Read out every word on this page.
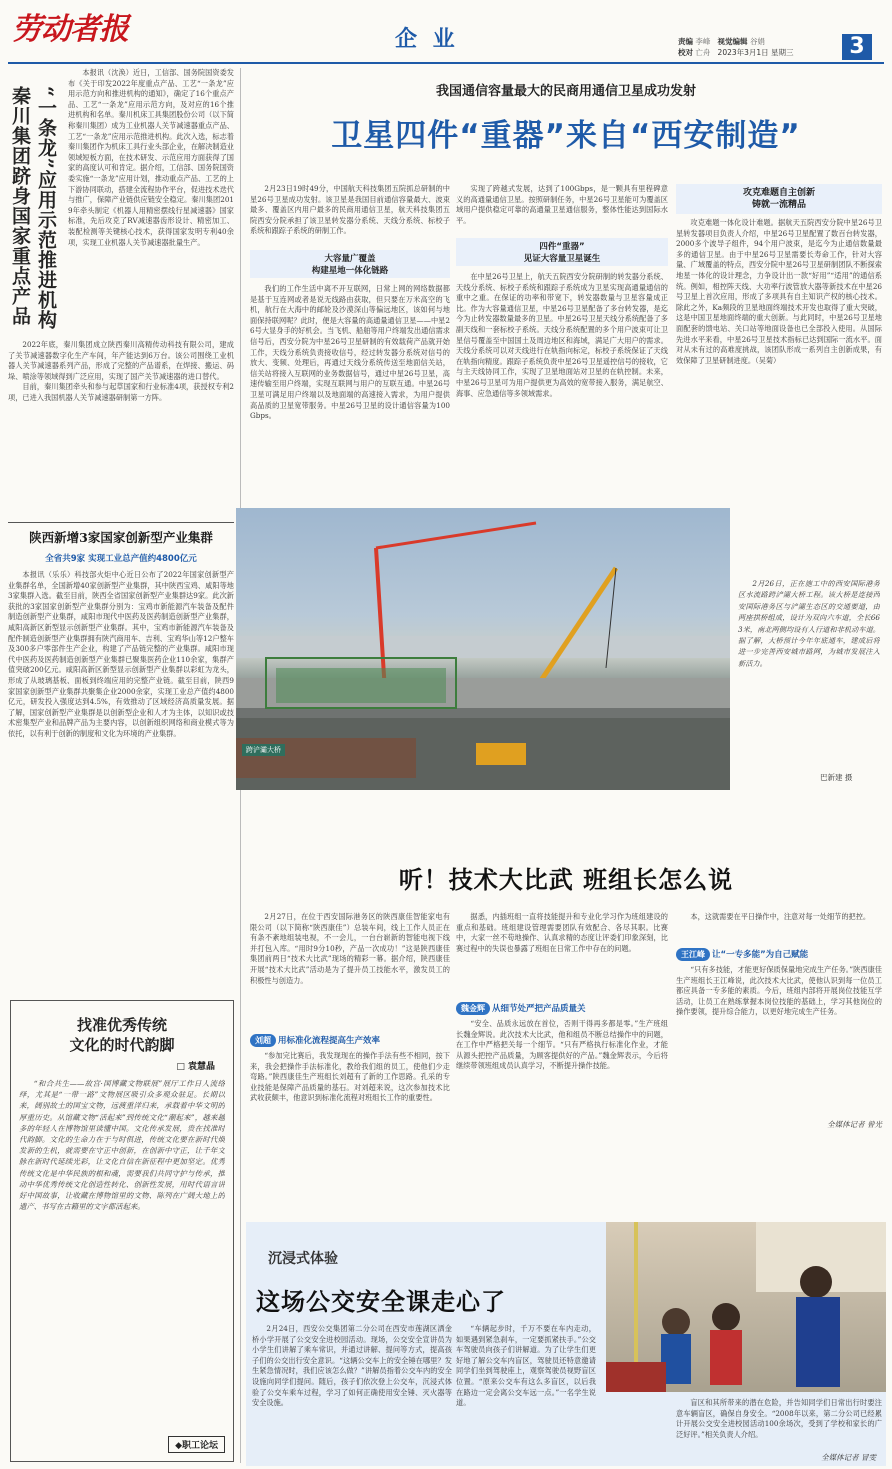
劳动者报	企 业	责编 李峰 视觉编辑 谷娟
校对 亡舟 2023年3月1日 星期三	3
“一条龙”应用示范推进机构
秦川集团跻身国家重点产品

本报讯（沈涣）近日，工信部、国务院国资委发布《关于印发2022年度重点产品、工艺“一条龙”应用示范方向和推进机构的通知》，确定了16个重点产品、工艺“一条龙”应用示范方向，及对应的16个推进机构和名单。秦川机床工具集团股份公司（以下简称秦川集团）成为工业机器人关节减速器重点产品、工艺“一条龙”应用示范推进机构。此次入选，标志着秦川集团作为机床工具行业头部企业，在解决制造业领域短板方面，在技术研发、示范应用方面获得了国家的高度认可和肯定。据介绍，工信部、国务院国资委实施“一条龙”应用计划，推动重点产品、工艺的上下游协同联动，搭建全流程协作平台，促进技术迭代与推广，保障产业链供应链安全稳定。秦川集团2019年牵头制定《机器人用精密摆线行星减速器》国家标准，先后攻克了RV减速器齿形设计、精密加工、装配检测等关键核心技术，获得国家发明专利40余项，实现工业机器人关节减速器批量生产。

2022年底，秦川集团成立陕西秦川高精传动科技有限公司，建成了关节减速器数字化生产车间，年产能达到6万台。该公司围绕工业机器人关节减速器系列产品，形成了完整的产品谱系，在焊接、搬运、码垛、喷涂等领域得到广泛应用，实现了国产关节减速器的进口替代。

目前，秦川集团牵头和参与起草国家和行业标准4项，获授权专利2项，已进入我国机器人关节减速器研制第一方阵。

陕西新增3家国家创新型产业集群
全省共9家 实现工业总产值约4800亿元

本报讯（乐乐）科技部火炬中心近日公布了2022年国家创新型产业集群名单，全国新增40家创新型产业集群，其中陕西宝鸡、咸阳等地3家集群入选。截至目前，陕西全省国家创新型产业集群达9家。此次新获批的3家国家创新型产业集群分别为：宝鸡市新能源汽车装备及配件制造创新型产业集群，咸阳市现代中医药及医药制造创新型产业集群，咸阳高新区新型显示创新型产业集群。其中，宝鸡市新能源汽车装备及配件制造创新型产业集群拥有陕汽商用车、吉利、宝鸡华山等12户整车及300多户零部件生产企业，构建了产品链完整的产业集群。咸阳市现代中医药及医药制造创新型产业集群已聚集医药企业110余家，集群产值突破200亿元。咸阳高新区新型显示创新型产业集群以彩虹为龙头，形成了从玻璃基板、面板到终端应用的完整产业链。截至目前，陕西9家国家创新型产业集群共聚集企业2000余家，实现工业总产值约4800亿元，研发投入强度达到4.5%，有效推动了区域经济高质量发展。据了解，国家创新型产业集群是以创新型企业和人才为主体，以知识或技术密集型产业和品牌产品为主要内容，以创新组织网络和商业模式等为依托，以有利于创新的制度和文化为环境的产业集群。

找准优秀传统
文化的时代韵脚
□ 袁慧晶

“和合共生——故宫·国博藏文物联展”展厅工作日人流络绎，尤其是“一带一路”文物展区吸引众多观众驻足。长期以来，阔别故土的国宝文物，远渡重洋归来，承载着中华文明的厚重历史。从馆藏文物“活起来”到传统文化“潮起来”，越来越多的年轻人在博物馆里读懂中国。文化传承发展，贵在找准时代韵脚。文化的生命力在于与时俱进，传统文化要在新时代焕发新的生机，就需要在守正中创新，在创新中守正，让千年文脉在新时代延续光彩，让文化自信在新征程中更加坚定。优秀传统文化是中华民族的根和魂，需要我们共同守护与传承，推动中华优秀传统文化创造性转化、创新性发展，用时代语言讲好中国故事，让收藏在博物馆里的文物、陈列在广阔大地上的遗产、书写在古籍里的文字都活起来。

◆职工论坛
我国通信容量最大的民商用通信卫星成功发射
卫星四件“重器”来自“西安制造”

2月23日19时49分，中国航天科技集团五院抓总研制的中星26号卫星成功发射。该卫星是我国目前通信容量最大、波束最多、覆盖区内用户最多的民商用通信卫星，航天科技集团五院西安分院承担了该卫星转发器分系统、天线分系统、标校子系统和跟踪子系统的研制工作。

大容量广覆盖
构建星地一体化链路

我们的工作生活中离不开互联网，日常上网的网络数据都是基于互连网或者是说无线路由获取，但只要在万米高空的飞机，航行在大海中的邮轮及沙漠深山等偏远地区，该如何与地面保持联网呢？此时，便是大容量的高通量通信卫星——中星26号大显身手的好机会。当飞机、船舶等用户终端发出通信需求信号后，西安分院为中星26号卫星研制的有效载荷产品就开始工作，天线分系统负责接收信号，经过转发器分系统对信号的放大、变频、处理后，再通过天线分系统传送至地面信关站，信关站将接入互联网的业务数据信号，通过中星26号卫星，高速传输至用户终端，实现互联网与用户的互联互通。中星26号卫星可满足用户终端以及地面端的高速接入需求，为用户提供高品质的卫星宽带服务。中星26号卫星的设计通信容量为100Gbps。

实现了跨越式发展，达到了100Gbps，是一颗具有里程碑意义的高通量通信卫星。按照研制任务，中星26号卫星能可为覆盖区域用户提供稳定可靠的高通量卫星通信服务，整体性能达到国际水平。

四件“重器”
见证大容量卫星诞生

在中星26号卫星上，航天五院西安分院研制的转发器分系统、天线分系统、标校子系统和跟踪子系统成为卫星实现高通量通信的重中之重。在保证的功率和带宽下，转发器数量与卫星容量成正比。作为大容量通信卫星，中星26号卫星配备了多台转发器，是迄今为止转发器数量最多的卫星。中星26号卫星天线分系统配备了多副天线和一套标校子系统。天线分系统配置的多个用户波束可让卫星信号覆盖至中国国土及周边地区和海域，满足广大用户的需求。天线分系统可以对天线进行在轨指向标定，标校子系统保证了天线在轨指向精度。跟踪子系统负责中星26号卫星遥控信号的接收，它与主天线协同工作，实现了卫星地面站对卫星的在轨控制。未来，中星26号卫星可为用户提供更为高效的宽带接入服务，满足航空、海事、应急通信等多领域需求。

攻克难题自主创新
铸就一流精品

攻克难题一体化设计难题。据航天五院西安分院中星26号卫星转发器项目负责人介绍，中星26号卫星配置了数百台转发器，2000多个波导子组件，94个用户波束，是迄今为止通信数量最多的通信卫星。由于中星26号卫星需要长寿命工作，针对大容量、广域覆盖的特点，西安分院中星26号卫星研制团队不断探索地星一体化的设计理念，力争设计出一款“好用”“适用”的通信系统。例如，相控阵天线、大功率行波管放大器等新技术在中星26号卫星上首次应用，形成了多项具有自主知识产权的核心技术。除此之外，Ka频段的卫星地面终端技术开发也取得了重大突破，这是中国卫星地面终端的重大创新。与此同时，中星26号卫星地面配套的馈电站、关口站等地面设备也已全部投入使用。从国际先进水平来看，中星26号卫星技术指标已达到国际一流水平。面对从未有过的高难度挑战，该团队形成一系列自主创新成果，有效保障了卫星研制进度。（吴菊）

跨浐灞大桥

2月26日，正在施工中的西安国际港务区水流路跨浐灞大桥工程。该大桥是连接西安国际港务区与浐灞生态区的交通要道，由两座拱桥组成，设计为双向六车道，全长663米，南北两侧均设有人行道和非机动车道。据了解，大桥预计今年年底通车，建成后将进一步完善西安城市路网，为城市发展注入新活力。

巴新建 摄
听！技术大比武 班组长怎么说

2月27日，在位于西安国际港务区的陕西康佳智能家电有限公司（以下简称“陕西康佳”）总装车间，线上工作人员正在有条不紊地组装电视，不一会儿，一台台崭新的智能电视下线并打包入库。“用时9分10秒，产品一次成功！”这是陕西康佳集团前两日“技术大比武”现场的精彩一幕。据介绍，陕西康佳开展“技术大比武”活动是为了提升员工技能水平，激发员工的积极性与创造力。

刘超 用标准化流程提高生产效率

“参加完比赛后，我发现现在的操作手法有些不相同，按下来，我会把操作手法标准化，教给我们组的员工，使他们少走弯路。”陕西康佳生产班组长刘超有了新的工作思路。孔采的专业技能是保障产品质量的基石。对刘超来说，这次参加技术比武收获颇丰，他意识到标准化流程对班组长工作的重要性。

据悉，内插班组一直将技能提升和专业化学习作为班组建设的重点和基础。班组建设管理需要团队有效配合、各尽其职。比赛中，大家一丝不苟地操作、认真求精的态度让评委们印象深刻，比赛过程中的失误也暴露了班组在日常工作中存在的问题。

魏金辉 从细节处严把产品质量关

“安全、品质永远放在首位，否则干得再多都是零。”生产班组长魏金辉说。此次技术大比武，他和组员不断总结操作中的问题，在工作中严格把关每一个细节。“只有严格执行标准化作业，才能从源头把控产品质量，为顾客提供好的产品。”魏金辉表示，今后将继续带领班组成员认真学习，不断提升操作技能。

本，这就需要在平日操作中，注意对每一处细节的把控。

王江峰 让“一专多能”为自己赋能

“只有多技能，才能更好保质保量地完成生产任务。”陕西康佳生产班组长王江峰说，此次技术大比武，使他认识到每一位员工都应具备一专多能的素质。今后，班组内部将开展岗位技能互学活动，让员工在熟练掌握本岗位技能的基础上，学习其他岗位的操作要领，提升综合能力，以更好地完成生产任务。

全媒体记者 曾光
沉浸式体验
这场公交安全课走心了

2月24日，西安公交集团第二分公司在西安市莲湖区洒金桥小学开展了公交安全进校园活动。现场，公交安全宣讲员为小学生们讲解了乘车常识，并通过讲解、提问等方式，提高孩子们的公交出行安全意识。“这辆公交车上的安全锤在哪里？发生紧急情况时，我们应该怎么做？”讲解员指着公交车内的安全设施向同学们提问。随后，孩子们依次登上公交车，沉浸式体验了公交车乘车过程，学习了如何正确使用安全锤、灭火器等安全设施。

“车辆起步时，千万不要在车内走动，如果遇到紧急刹车，一定要抓紧扶手。”公交车驾驶员向孩子们讲解道。为了让学生们更好地了解公交车内盲区，驾驶员还特意邀请同学们坐到驾驶座上，观察驾驶员视野盲区位置。“原来公交车有这么多盲区，以后我在路边一定会离公交车远一点。”一名学生说道。	盲区和其所带来的潜在危险，并告知同学们日常出行时要注意车辆盲区，确保自身安全。“2008年以来，第二分公司已经累计开展公交安全进校园活动100余场次，受到了学校和家长的广泛好评。”相关负责人介绍。

全媒体记者 冒雯
